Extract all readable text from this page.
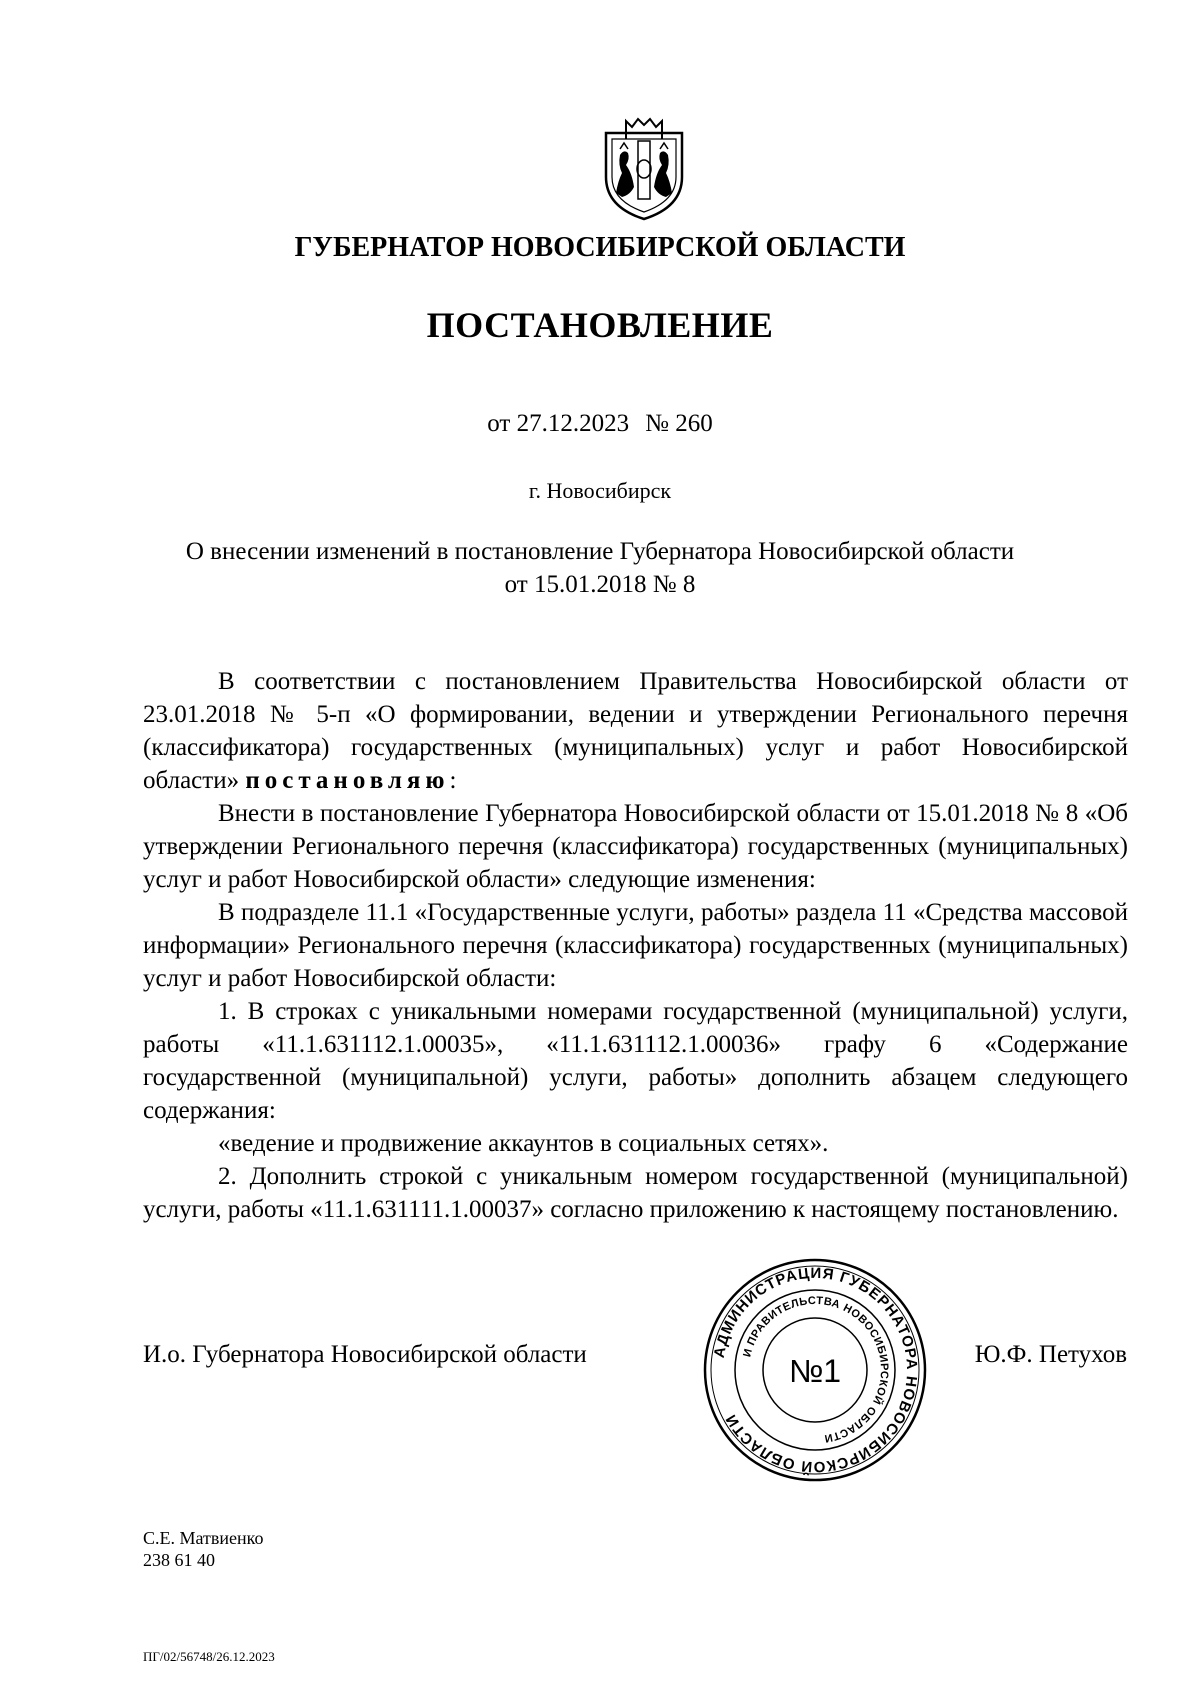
ГУБЕРНАТОР НОВОСИБИРСКОЙ ОБЛАСТИ
ПОСТАНОВЛЕНИЕ
от 27.12.2023 № 260
г. Новосибирск
О внесении изменений в постановление Губернатора Новосибирской области
от 15.01.2018 № 8

В соответствии с постановлением Правительства Новосибирской области от 23.01.2018 № 5-п «О формировании, ведении и утверждении Регионального перечня (классификатора) государственных (муниципальных) услуг и работ Новосибирской области» постановляю:

Внести в постановление Губернатора Новосибирской области от 15.01.2018 № 8 «Об утверждении Регионального перечня (классификатора) государственных (муниципальных) услуг и работ Новосибирской области» следующие изменения:

В подразделе 11.1 «Государственные услуги, работы» раздела 11 «Средства массовой информации» Регионального перечня (классификатора) государственных (муниципальных) услуг и работ Новосибирской области:

1. В строках с уникальными номерами государственной (муниципальной) услуги, работы «11.1.631112.1.00035», «11.1.631112.1.00036» графу 6 «Содержание государственной (муниципальной) услуги, работы» дополнить абзацем следующего содержания:

«ведение и продвижение аккаунтов в социальных сетях».

2. Дополнить строкой с уникальным номером государственной (муниципальной) услуги, работы «11.1.631111.1.00037» согласно приложению к настоящему постановлению.

И.о. Губернатора Новосибирской области	АДМИНИСТРАЦИЯ ГУБЕРНАТОРА НОВОСИБИРСКОЙ ОБЛАСТИ
И ПРАВИТЕЛЬСТВА НОВОСИБИРСКОЙ ОБЛАСТИ
№1	Ю.Ф. Петухов
С.Е. Матвиенко
238 61 40
ПГ/02/56748/26.12.2023
